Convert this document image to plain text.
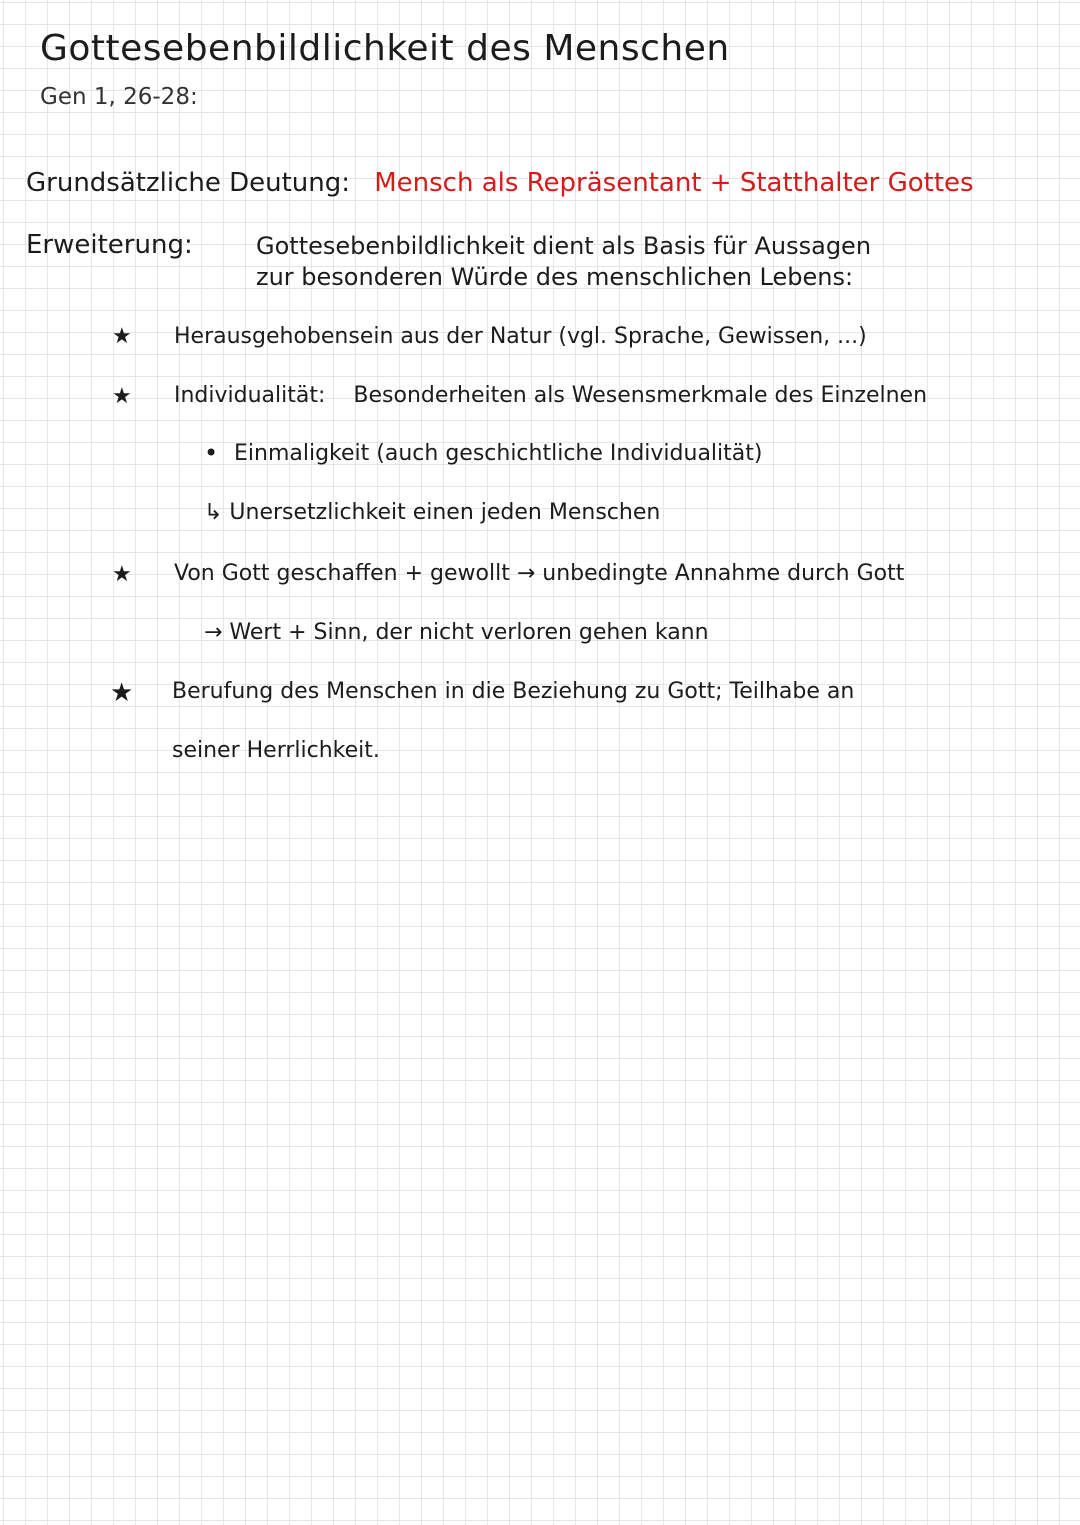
Gottesebenbildlichkeit des Menschen
Gen 1, 26-28:
Grundsätzliche Deutung: Mensch als Repräsentant + Statthalter Gottes
Erweiterung:	Gottesebenbildlichkeit dient als Basis für Aussagen
zur besonderen Würde des menschlichen Lebens:
★ Herausgehobensein aus der Natur (vgl. Sprache, Gewissen, ...)
★ Individualität: Besonderheiten als Wesensmerkmale des Einzelnen
• Einmaligkeit (auch geschichtliche Individualität)
↳ Unersetzlichkeit einen jeden Menschen
★ Von Gott geschaffen + gewollt → unbedingte Annahme durch Gott
→ Wert + Sinn, der nicht verloren gehen kann
★ Berufung des Menschen in die Beziehung zu Gott; Teilhabe an
seiner Herrlichkeit.
